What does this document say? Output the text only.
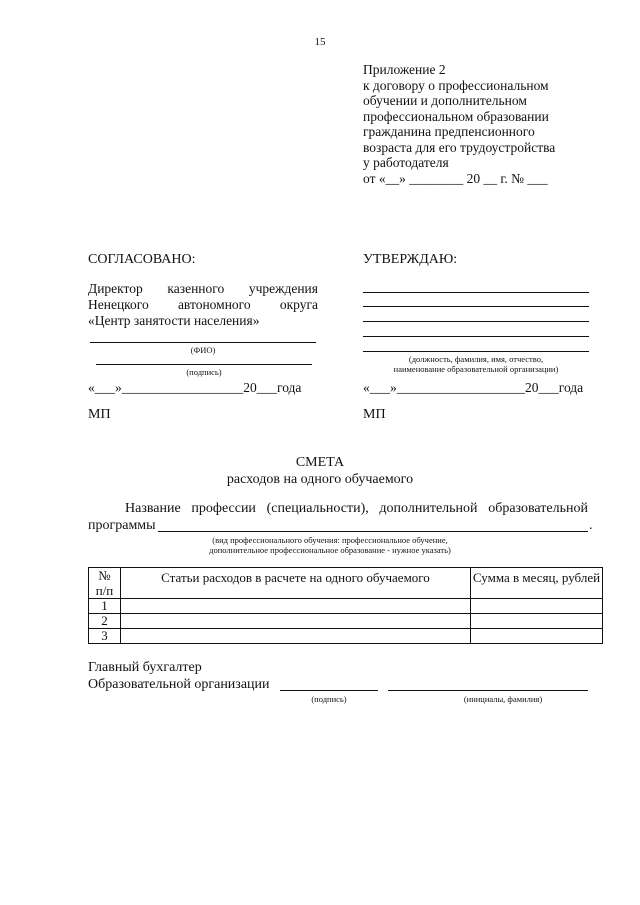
15
Приложение 2
к договору о профессиональном
обучении и дополнительном
профессиональном образовании
гражданина предпенсионного
возраста для его трудоустройства
у работодателя
от «__» ________ 20 __ г. № ___
СОГЛАСОВАНО:
Директор казенного учреждения
Ненецкого автономного округа
«Центр занятости населения»
(ФИО)
(подпись)
«___»__________________20___года
МП
УТВЕРЖДАЮ:
(должность, фамилия, имя, отчество,
наименование образовательной организации)
«___»___________________20___года
МП
СМЕТА
расходов на одного обучаемого
Название профессии (специальности), дополнительной образовательной
программы	.
(вид профессионального обучения: профессиональное обучение,
дополнительное профессиональное образование - нужное указать)
№
п/п	Статьи расходов в расчете на одного обучаемого	Сумма в месяц, рублей
1		
2		
3		
Главный бухгалтер
Образовательной организации
(подпись)	(инициалы, фамилия)
